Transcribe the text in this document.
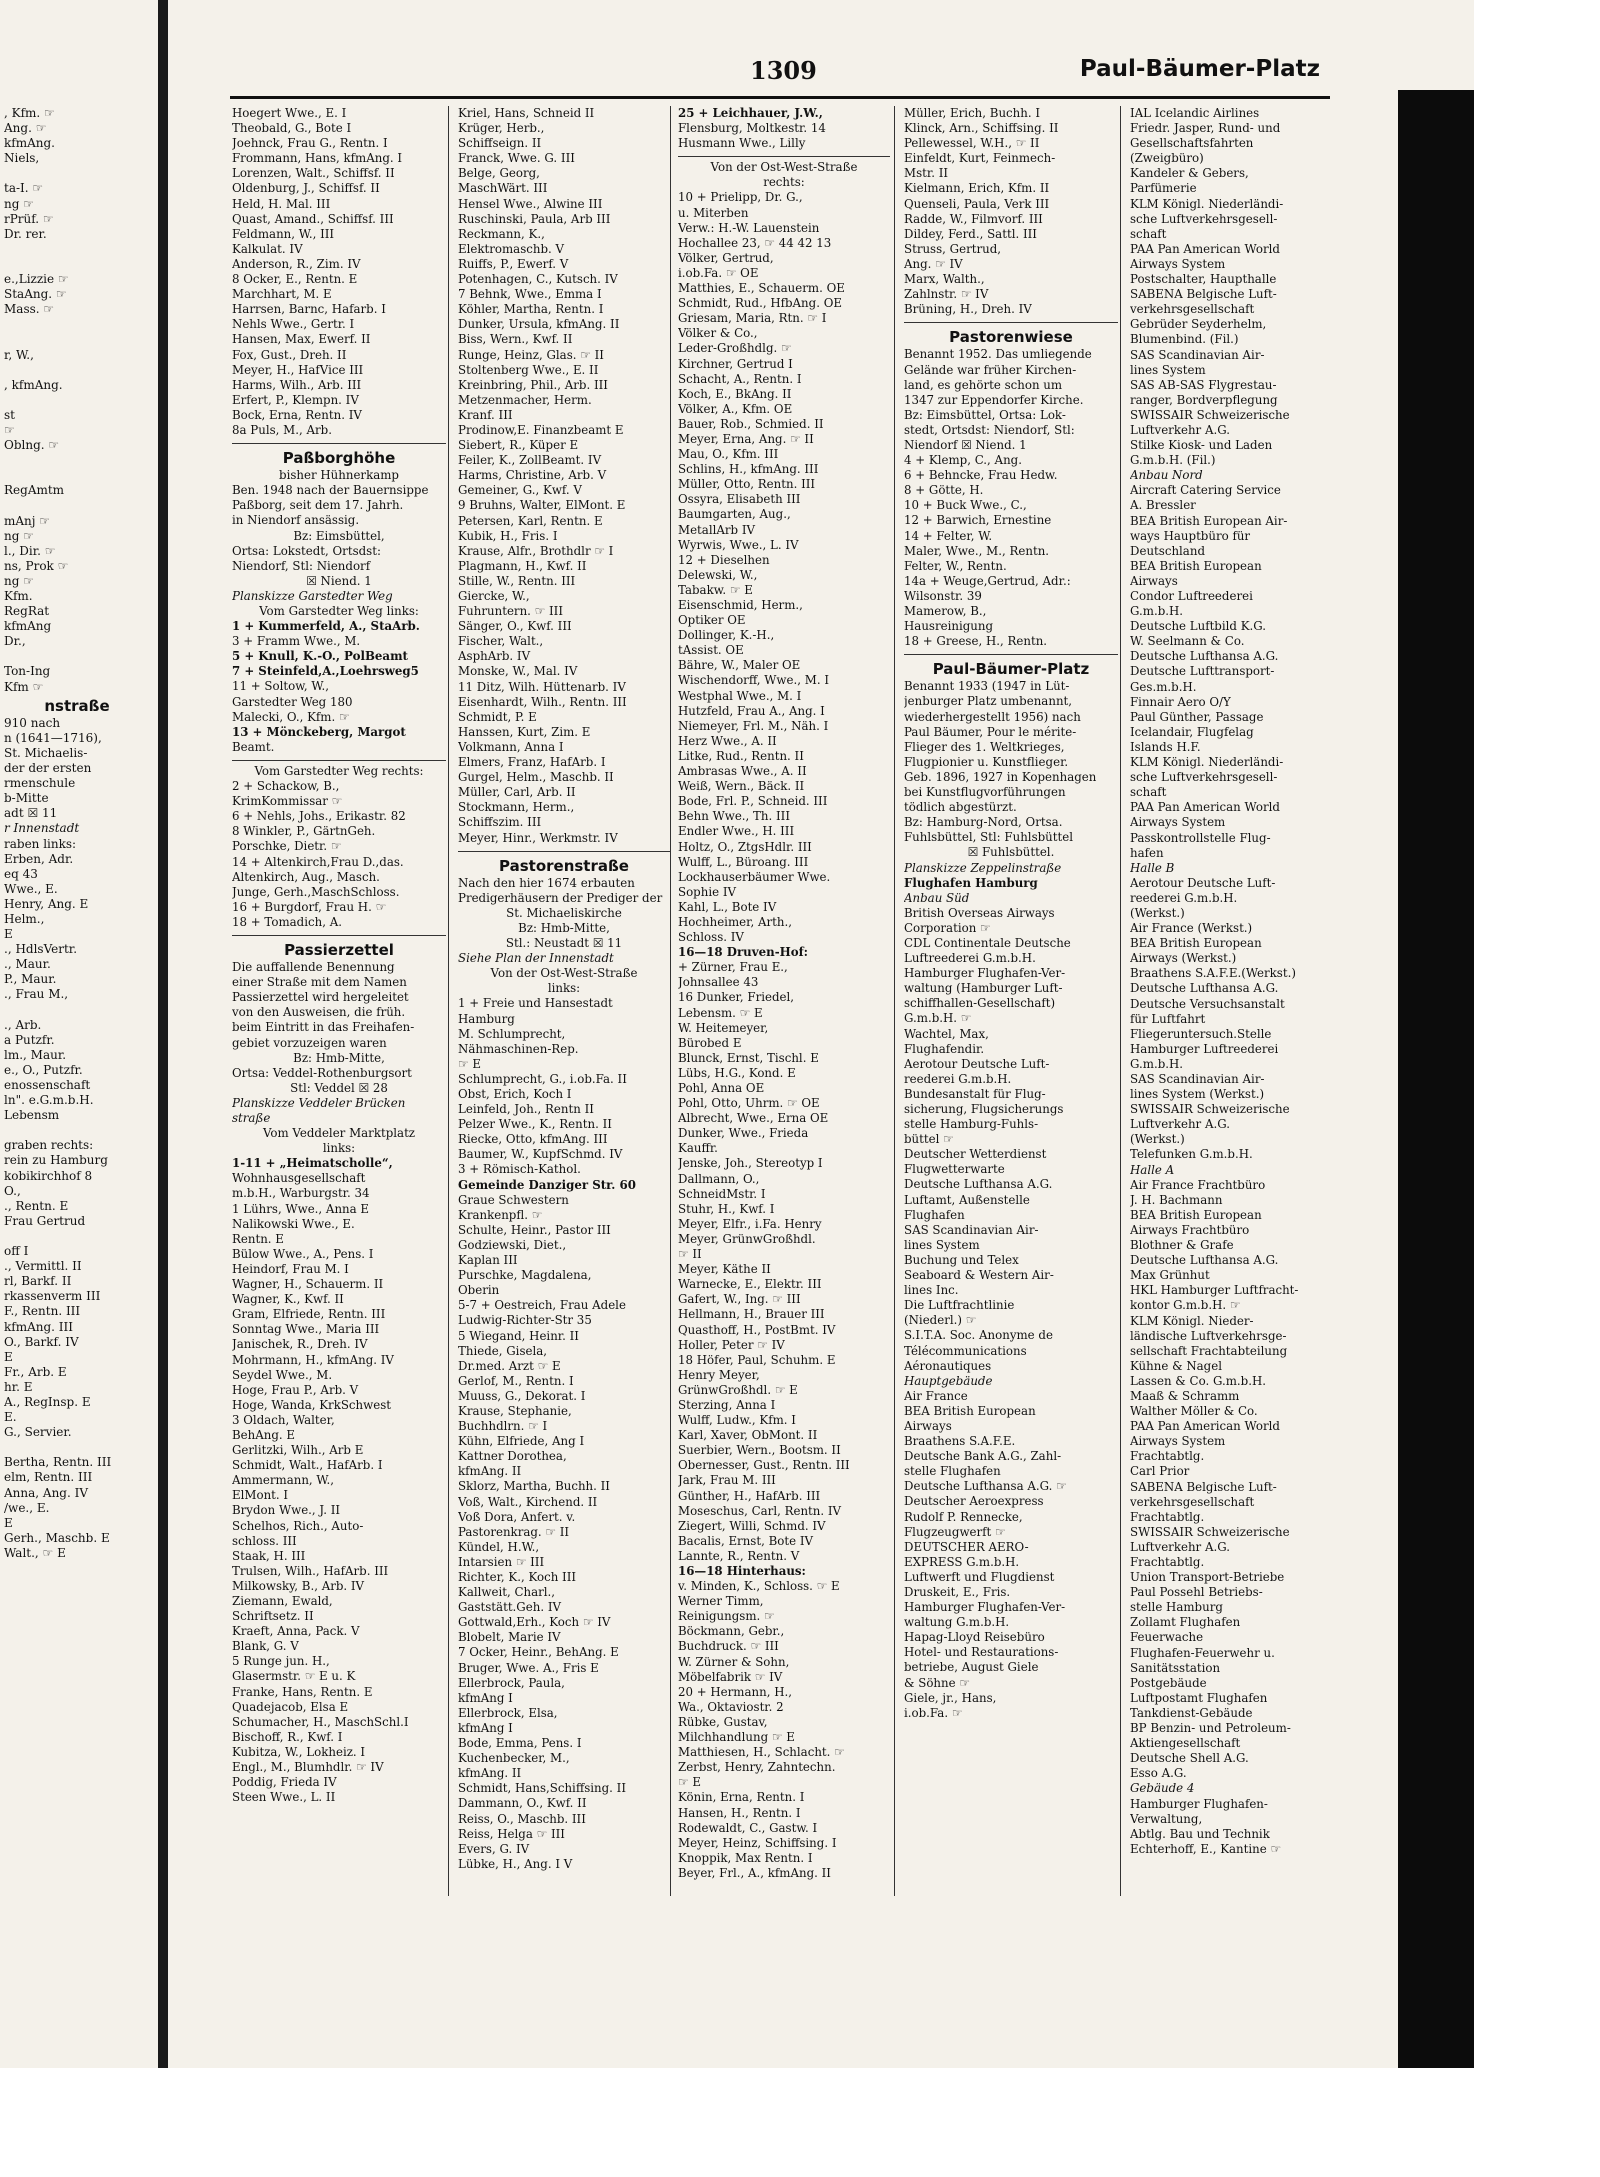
1309	Paul-Bäumer-Platz
, Kfm. ☞
Ang. ☞
kfmAng.
Niels,

ta-I. ☞
ng ☞
rPrüf. ☞
Dr. rer.

e.,Lizzie ☞
StaAng. ☞
Mass. ☞

r, W.,

, kfmAng.

st
☞
Oblng. ☞

RegAmtm

mAnj ☞
ng ☞
l., Dir. ☞
ns, Prok ☞
ng ☞
Kfm.
RegRat
kfmAng
Dr.,

Ton-Ing
Kfm ☞
nstraße
910 nach
n (1641—1716),
St. Michaelis-
der der ersten
rmenschule
b-Mitte
adt ☒ 11
r Innenstadt
raben links:
Erben, Adr.
eq 43
Wwe., E.
Henry, Ang. E
Helm.,
E
., HdlsVertr.
., Maur.
P., Maur.
., Frau M.,

., Arb.
a Putzfr.
lm., Maur.
e., O., Putzfr.
enossenschaft
ln". e.G.m.b.H.
Lebensm

graben rechts:
rein zu Hamburg
kobikirchhof 8
O.,
., Rentn. E
Frau Gertrud

off I
., Vermittl. II
rl, Barkf. II
rkassenverm III
F., Rentn. III
kfmAng. III
O., Barkf. IV
E
Fr., Arb. E
hr. E
A., RegInsp. E
E.
G., Servier.

Bertha, Rentn. III
elm, Rentn. III
Anna, Ang. IV
/we., E.
E
Gerh., Maschb. E
Walt., ☞ E
Hoegert Wwe., E. I
Theobald, G., Bote I
Joehnck, Frau G., Rentn. I
Frommann, Hans, kfmAng. I
Lorenzen, Walt., Schiffsf. II
Oldenburg, J., Schiffsf. II
Held, H. Mal. III
Quast, Amand., Schiffsf. III
Feldmann, W., III
Kalkulat. IV
Anderson, R., Zim. IV
8 Ocker, E., Rentn. E
Marchhart, M. E
Harrsen, Barnc, Hafarb. I
Nehls Wwe., Gertr. I
Hansen, Max, Ewerf. II
Fox, Gust., Dreh. II
Meyer, H., HafVice III
Harms, Wilh., Arb. III
Erfert, P., Klempn. IV
Bock, Erna, Rentn. IV
8a Puls, M., Arb.
Paßborghöhe
bisher Hühnerkamp
Ben. 1948 nach der Bauernsippe
Paßborg, seit dem 17. Jahrh.
in Niendorf ansässig.
Bz: Eimsbüttel,
Ortsa: Lokstedt, Ortsdst:
Niendorf, Stl: Niendorf
☒ Niend. 1
Planskizze Garstedter Weg
Vom Garstedter Weg links:
1 + Kummerfeld, A., StaArb.
3 + Framm Wwe., M.
5 + Knull, K.-O., PolBeamt
7 + Steinfeld,A.,Loehrsweg5
11 + Soltow, W.,
Garstedter Weg 180
Malecki, O., Kfm. ☞
13 + Mönckeberg, Margot
Beamt.
Vom Garstedter Weg rechts:
2 + Schackow, B.,
KrimKommissar ☞
6 + Nehls, Johs., Erikastr. 82
8 Winkler, P., GärtnGeh.
Porschke, Dietr. ☞
14 + Altenkirch,Frau D.,das.
Altenkirch, Aug., Masch.
Junge, Gerh.,MaschSchloss.
16 + Burgdorf, Frau H. ☞
18 + Tomadich, A.
Passierzettel
Die auffallende Benennung
einer Straße mit dem Namen
Passierzettel wird hergeleitet
von den Ausweisen, die früh.
beim Eintritt in das Freihafen-
gebiet vorzuzeigen waren
Bz: Hmb-Mitte,
Ortsa: Veddel-Rothenburgsort
Stl: Veddel ☒ 28
Planskizze Veddeler Brücken
straße
Vom Veddeler Marktplatz
links:
1-11 + „Heimatscholle“,
Wohnhausgesellschaft
m.b.H., Warburgstr. 34
1 Lührs, Wwe., Anna E
Nalikowski Wwe., E.
Rentn. E
Bülow Wwe., A., Pens. I
Heindorf, Frau M. I
Wagner, H., Schauerm. II
Wagner, K., Kwf. II
Gram, Elfriede, Rentn. III
Sonntag Wwe., Maria III
Janischek, R., Dreh. IV
Mohrmann, H., kfmAng. IV
Seydel Wwe., M.
Hoge, Frau P., Arb. V
Hoge, Wanda, KrkSchwest
3 Oldach, Walter,
BehAng. E
Gerlitzki, Wilh., Arb E
Schmidt, Walt., HafArb. I
Ammermann, W.,
ElMont. I
Brydon Wwe., J. II
Schelhos, Rich., Auto-
schloss. III
Staak, H. III
Trulsen, Wilh., HafArb. III
Milkowsky, B., Arb. IV
Ziemann, Ewald,
Schriftsetz. II
Kraeft, Anna, Pack. V
Blank, G. V
5 Runge jun. H.,
Glasermstr. ☞ E u. K
Franke, Hans, Rentn. E
Quadejacob, Elsa E
Schumacher, H., MaschSchl.I
Bischoff, R., Kwf. I
Kubitza, W., Lokheiz. I
Engl., M., Blumhdlr. ☞ IV
Poddig, Frieda IV
Steen Wwe., L. II
Kriel, Hans, Schneid II
Krüger, Herb.,
Schiffseign. II
Franck, Wwe. G. III
Belge, Georg,
MaschWärt. III
Hensel Wwe., Alwine III
Ruschinski, Paula, Arb III
Reckmann, K.,
Elektromaschb. V
Ruiffs, P., Ewerf. V
Potenhagen, C., Kutsch. IV
7 Behnk, Wwe., Emma I
Köhler, Martha, Rentn. I
Dunker, Ursula, kfmAng. II
Biss, Wern., Kwf. II
Runge, Heinz, Glas. ☞ II
Stoltenberg Wwe., E. II
Kreinbring, Phil., Arb. III
Metzenmacher, Herm.
Kranf. III
Prodinow,E. Finanzbeamt E
Siebert, R., Küper E
Feiler, K., ZollBeamt. IV
Harms, Christine, Arb. V
Gemeiner, G., Kwf. V
9 Bruhns, Walter, ElMont. E
Petersen, Karl, Rentn. E
Kubik, H., Fris. I
Krause, Alfr., Brothdlr ☞ I
Plagmann, H., Kwf. II
Stille, W., Rentn. III
Giercke, W.,
Fuhruntern. ☞ III
Sänger, O., Kwf. III
Fischer, Walt.,
AsphArb. IV
Monske, W., Mal. IV
11 Ditz, Wilh. Hüttenarb. IV
Eisenhardt, Wilh., Rentn. III
Schmidt, P. E
Hanssen, Kurt, Zim. E
Volkmann, Anna I
Elmers, Franz, HafArb. I
Gurgel, Helm., Maschb. II
Müller, Carl, Arb. II
Stockmann, Herm.,
Schiffszim. III
Meyer, Hinr., Werkmstr. IV
Pastorenstraße
Nach den hier 1674 erbauten
Predigerhäusern der Prediger der
St. Michaeliskirche
Bz: Hmb-Mitte,
Stl.: Neustadt ☒ 11
Siehe Plan der Innenstadt
Von der Ost-West-Straße
links:
1 + Freie und Hansestadt
Hamburg
M. Schlumprecht,
Nähmaschinen-Rep.
☞ E
Schlumprecht, G., i.ob.Fa. II
Obst, Erich, Koch I
Leinfeld, Joh., Rentn II
Pelzer Wwe., K., Rentn. II
Riecke, Otto, kfmAng. III
Baumer, W., KupfSchmd. IV
3 + Römisch-Kathol.
Gemeinde Danziger Str. 60
Graue Schwestern
Krankenpfl. ☞
Schulte, Heinr., Pastor III
Godziewski, Diet.,
Kaplan III
Purschke, Magdalena,
Oberin
5-7 + Oestreich, Frau Adele
Ludwig-Richter-Str 35
5 Wiegand, Heinr. II
Thiede, Gisela,
Dr.med. Arzt ☞ E
Gerlof, M., Rentn. I
Muuss, G., Dekorat. I
Krause, Stephanie,
Buchhdlrn. ☞ I
Kühn, Elfriede, Ang I
Kattner Dorothea,
kfmAng. II
Sklorz, Martha, Buchh. II
Voß, Walt., Kirchend. II
Voß Dora, Anfert. v.
Pastorenkrag. ☞ II
Kündel, H.W.,
Intarsien ☞ III
Richter, K., Koch III
Kallweit, Charl.,
Gaststätt.Geh. IV
Gottwald,Erh., Koch ☞ IV
Blobelt, Marie IV
7 Ocker, Heinr., BehAng. E
Bruger, Wwe. A., Fris E
Ellerbrock, Paula,
kfmAng I
Ellerbrock, Elsa,
kfmAng I
Bode, Emma, Pens. I
Kuchenbecker, M.,
kfmAng. II
Schmidt, Hans,Schiffsing. II
Dammann, O., Kwf. II
Reiss, O., Maschb. III
Reiss, Helga ☞ III
Evers, G. IV
Lübke, H., Ang. I V
25 + Leichhauer, J.W.,
Flensburg, Moltkestr. 14
Husmann Wwe., Lilly
Von der Ost-West-Straße
rechts:
10 + Prielipp, Dr. G.,
u. Miterben
Verw.: H.-W. Lauenstein
Hochallee 23, ☞ 44 42 13
Völker, Gertrud,
i.ob.Fa. ☞ OE
Matthies, E., Schauerm. OE
Schmidt, Rud., HfbAng. OE
Griesam, Maria, Rtn. ☞ I
Völker & Co.,
Leder-Großhdlg. ☞
Kirchner, Gertrud I
Schacht, A., Rentn. I
Koch, E., BkAng. II
Völker, A., Kfm. OE
Bauer, Rob., Schmied. II
Meyer, Erna, Ang. ☞ II
Mau, O., Kfm. III
Schlins, H., kfmAng. III
Müller, Otto, Rentn. III
Ossyra, Elisabeth III
Baumgarten, Aug.,
MetallArb IV
Wyrwis, Wwe., L. IV
12 + Dieselhen
Delewski, W.,
Tabakw. ☞ E
Eisenschmid, Herm.,
Optiker OE
Dollinger, K.-H.,
tAssist. OE
Bähre, W., Maler OE
Wischendorff, Wwe., M. I
Westphal Wwe., M. I
Hutzfeld, Frau A., Ang. I
Niemeyer, Frl. M., Näh. I
Herz Wwe., A. II
Litke, Rud., Rentn. II
Ambrasas Wwe., A. II
Weiß, Wern., Bäck. II
Bode, Frl. P., Schneid. III
Behn Wwe., Th. III
Endler Wwe., H. III
Holtz, O., ZtgsHdlr. III
Wulff, L., Büroang. III
Lockhauserbäumer Wwe.
Sophie IV
Kahl, L., Bote IV
Hochheimer, Arth.,
Schloss. IV
16—18 Druven-Hof:
+ Zürner, Frau E.,
Johnsallee 43
16 Dunker, Friedel,
Lebensm. ☞ E
W. Heitemeyer,
Bürobed E
Blunck, Ernst, Tischl. E
Lübs, H.G., Kond. E
Pohl, Anna OE
Pohl, Otto, Uhrm. ☞ OE
Albrecht, Wwe., Erna OE
Dunker, Wwe., Frieda
Kauffr.
Jenske, Joh., Stereotyp I
Dallmann, O.,
SchneidMstr. I
Stuhr, H., Kwf. I
Meyer, Elfr., i.Fa. Henry
Meyer, GrünwGroßhdl.
☞ II
Meyer, Käthe II
Warnecke, E., Elektr. III
Gafert, W., Ing. ☞ III
Hellmann, H., Brauer III
Quasthoff, H., PostBmt. IV
Holler, Peter ☞ IV
18 Höfer, Paul, Schuhm. E
Henry Meyer,
GrünwGroßhdl. ☞ E
Sterzing, Anna I
Wulff, Ludw., Kfm. I
Karl, Xaver, ObMont. II
Suerbier, Wern., Bootsm. II
Obernesser, Gust., Rentn. III
Jark, Frau M. III
Günther, H., HafArb. III
Moseschus, Carl, Rentn. IV
Ziegert, Willi, Schmd. IV
Bacalis, Ernst, Bote IV
Lannte, R., Rentn. V
16—18 Hinterhaus:
v. Minden, K., Schloss. ☞ E
Werner Timm,
Reinigungsm. ☞
Böckmann, Gebr.,
Buchdruck. ☞ III
W. Zürner & Sohn,
Möbelfabrik ☞ IV
20 + Hermann, H.,
Wa., Oktaviostr. 2
Rübke, Gustav,
Milchhandlung ☞ E
Matthiesen, H., Schlacht. ☞
Zerbst, Henry, Zahntechn.
☞ E
Könin, Erna, Rentn. I
Hansen, H., Rentn. I
Rodewaldt, C., Gastw. I
Meyer, Heinz, Schiffsing. I
Knoppik, Max Rentn. I
Beyer, Frl., A., kfmAng. II
Müller, Erich, Buchh. I
Klinck, Arn., Schiffsing. II
Pellewessel, W.H., ☞ II
Einfeldt, Kurt, Feinmech-
Mstr. II
Kielmann, Erich, Kfm. II
Quenseli, Paula, Verk III
Radde, W., Filmvorf. III
Dildey, Ferd., Sattl. III
Struss, Gertrud,
Ang. ☞ IV
Marx, Walth.,
Zahlnstr. ☞ IV
Brüning, H., Dreh. IV
Pastorenwiese
Benannt 1952. Das umliegende
Gelände war früher Kirchen-
land, es gehörte schon um
1347 zur Eppendorfer Kirche.
Bz: Eimsbüttel, Ortsa: Lok-
stedt, Ortsdst: Niendorf, Stl:
Niendorf ☒ Niend. 1
4 + Klemp, C., Ang.
6 + Behncke, Frau Hedw.
8 + Götte, H.
10 + Buck Wwe., C.,
12 + Barwich, Ernestine
14 + Felter, W.
Maler, Wwe., M., Rentn.
Felter, W., Rentn.
14a + Weuge,Gertrud, Adr.:
Wilsonstr. 39
Mamerow, B.,
Hausreinigung
18 + Greese, H., Rentn.
Paul-Bäumer-Platz
Benannt 1933 (1947 in Lüt-
jenburger Platz umbenannt,
wiederhergestellt 1956) nach
Paul Bäumer, Pour le mérite-
Flieger des 1. Weltkrieges,
Flugpionier u. Kunstflieger.
Geb. 1896, 1927 in Kopenhagen
bei Kunstflugvorführungen
tödlich abgestürzt.
Bz: Hamburg-Nord, Ortsa.
Fuhlsbüttel, Stl: Fuhlsbüttel
☒ Fuhlsbüttel.
Planskizze Zeppelinstraße
Flughafen Hamburg
Anbau Süd
British Overseas Airways
Corporation ☞
CDL Continentale Deutsche
Luftreederei G.m.b.H.
Hamburger Flughafen-Ver-
waltung (Hamburger Luft-
schiffhallen-Gesellschaft)
G.m.b.H. ☞
Wachtel, Max,
Flughafendir.
Aerotour Deutsche Luft-
reederei G.m.b.H.
Bundesanstalt für Flug-
sicherung, Flugsicherungs
stelle Hamburg-Fuhls-
büttel ☞
Deutscher Wetterdienst
Flugwetterwarte
Deutsche Lufthansa A.G.
Luftamt, Außenstelle
Flughafen
SAS Scandinavian Air-
lines System
Buchung und Telex
Seaboard & Western Air-
lines Inc.
Die Luftfrachtlinie
(Niederl.) ☞
S.I.T.A. Soc. Anonyme de
Télécommunications
Aéronautiques
Hauptgebäude
Air France
BEA British European
Airways
Braathens S.A.F.E.
Deutsche Bank A.G., Zahl-
stelle Flughafen
Deutsche Lufthansa A.G. ☞
Deutscher Aeroexpress
Rudolf P. Rennecke,
Flugzeugwerft ☞
DEUTSCHER AERO-
EXPRESS G.m.b.H.
Luftwerft und Flugdienst
Druskeit, E., Fris.
Hamburger Flughafen-Ver-
waltung G.m.b.H.
Hapag-Lloyd Reisebüro
Hotel- und Restaurations-
betriebe, August Giele
& Söhne ☞
Giele, jr., Hans,
i.ob.Fa. ☞
IAL Icelandic Airlines
Friedr. Jasper, Rund- und
Gesellschaftsfahrten
(Zweigbüro)
Kandeler & Gebers,
Parfümerie
KLM Königl. Niederländi-
sche Luftverkehrsgesell-
schaft
PAA Pan American World
Airways System
Postschalter, Haupthalle
SABENA Belgische Luft-
verkehrsgesellschaft
Gebrüder Seyderhelm,
Blumenbind. (Fil.)
SAS Scandinavian Air-
lines System
SAS AB-SAS Flygrestau-
ranger, Bordverpflegung
SWISSAIR Schweizerische
Luftverkehr A.G.
Stilke Kiosk- und Laden
G.m.b.H. (Fil.)
Anbau Nord
Aircraft Catering Service
A. Bressler
BEA British European Air-
ways Hauptbüro für
Deutschland
BEA British European
Airways
Condor Luftreederei
G.m.b.H.
Deutsche Luftbild K.G.
W. Seelmann & Co.
Deutsche Lufthansa A.G.
Deutsche Lufttransport-
Ges.m.b.H.
Finnair Aero O/Y
Paul Günther, Passage
Icelandair, Flugfelag
Islands H.F.
KLM Königl. Niederländi-
sche Luftverkehrsgesell-
schaft
PAA Pan American World
Airways System
Passkontrollstelle Flug-
hafen
Halle B
Aerotour Deutsche Luft-
reederei G.m.b.H.
(Werkst.)
Air France (Werkst.)
BEA British European
Airways (Werkst.)
Braathens S.A.F.E.(Werkst.)
Deutsche Lufthansa A.G.
Deutsche Versuchsanstalt
für Luftfahrt
Fliegeruntersuch.Stelle
Hamburger Luftreederei
G.m.b.H.
SAS Scandinavian Air-
lines System (Werkst.)
SWISSAIR Schweizerische
Luftverkehr A.G.
(Werkst.)
Telefunken G.m.b.H.
Halle A
Air France Frachtbüro
J. H. Bachmann
BEA British European
Airways Frachtbüro
Blothner & Grafe
Deutsche Lufthansa A.G.
Max Grünhut
HKL Hamburger Luftfracht-
kontor G.m.b.H. ☞
KLM Königl. Nieder-
ländische Luftverkehrsge-
sellschaft Frachtabteilung
Kühne & Nagel
Lassen & Co. G.m.b.H.
Maaß & Schramm
Walther Möller & Co.
PAA Pan American World
Airways System
Frachtabtlg.
Carl Prior
SABENA Belgische Luft-
verkehrsgesellschaft
Frachtabtlg.
SWISSAIR Schweizerische
Luftverkehr A.G.
Frachtabtlg.
Union Transport-Betriebe
Paul Possehl Betriebs-
stelle Hamburg
Zollamt Flughafen
Feuerwache
Flughafen-Feuerwehr u.
Sanitätsstation
Postgebäude
Luftpostamt Flughafen
Tankdienst-Gebäude
BP Benzin- und Petroleum-
Aktiengesellschaft
Deutsche Shell A.G.
Esso A.G.
Gebäude 4
Hamburger Flughafen-
Verwaltung,
Abtlg. Bau und Technik
Echterhoff, E., Kantine ☞
